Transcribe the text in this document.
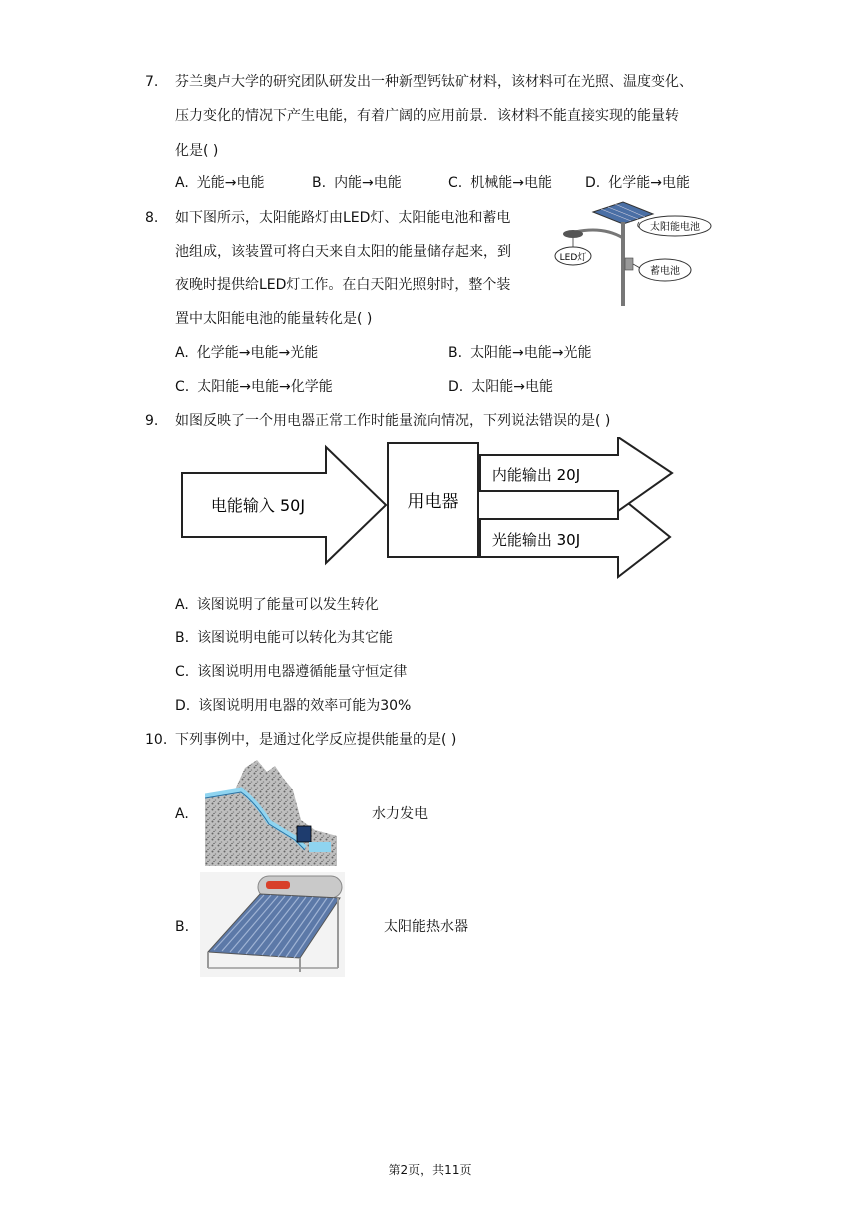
7. 芬兰奥卢大学的研究团队研发出一种新型钙钛矿材料，该材料可在光照、温度变化、
压力变化的情况下产生电能，有着广阔的应用前景．该材料不能直接实现的能量转
化是( )
A. 光能→电能	B. 内能→电能	C. 机械能→电能 D. 化学能→电能
8. 如下图所示，太阳能路灯由LED灯、太阳能电池和蓄电
池组成，该装置可将白天来自太阳的能量储存起来，到
夜晚时提供给LED灯工作。在白天阳光照射时，整个装
置中太阳能电池的能量转化是( )
太阳能电池
LED灯
蓄电池
A. 化学能→电能→光能	B. 太阳能→电能→光能
C. 太阳能→电能→化学能	D. 太阳能→电能
9. 如图反映了一个用电器正常工作时能量流向情况，下列说法错误的是( )
电能输入 50J	用电器
光能输出 30J
内能输出 20J
A. 该图说明了能量可以发生转化
B. 该图说明电能可以转化为其它能
C. 该图说明用电器遵循能量守恒定律
D. 该图说明用电器的效率可能为30%
10. 下列事例中，是通过化学反应提供能量的是( )
A.	水力发电
B.	太阳能热水器
第2页，共11页
